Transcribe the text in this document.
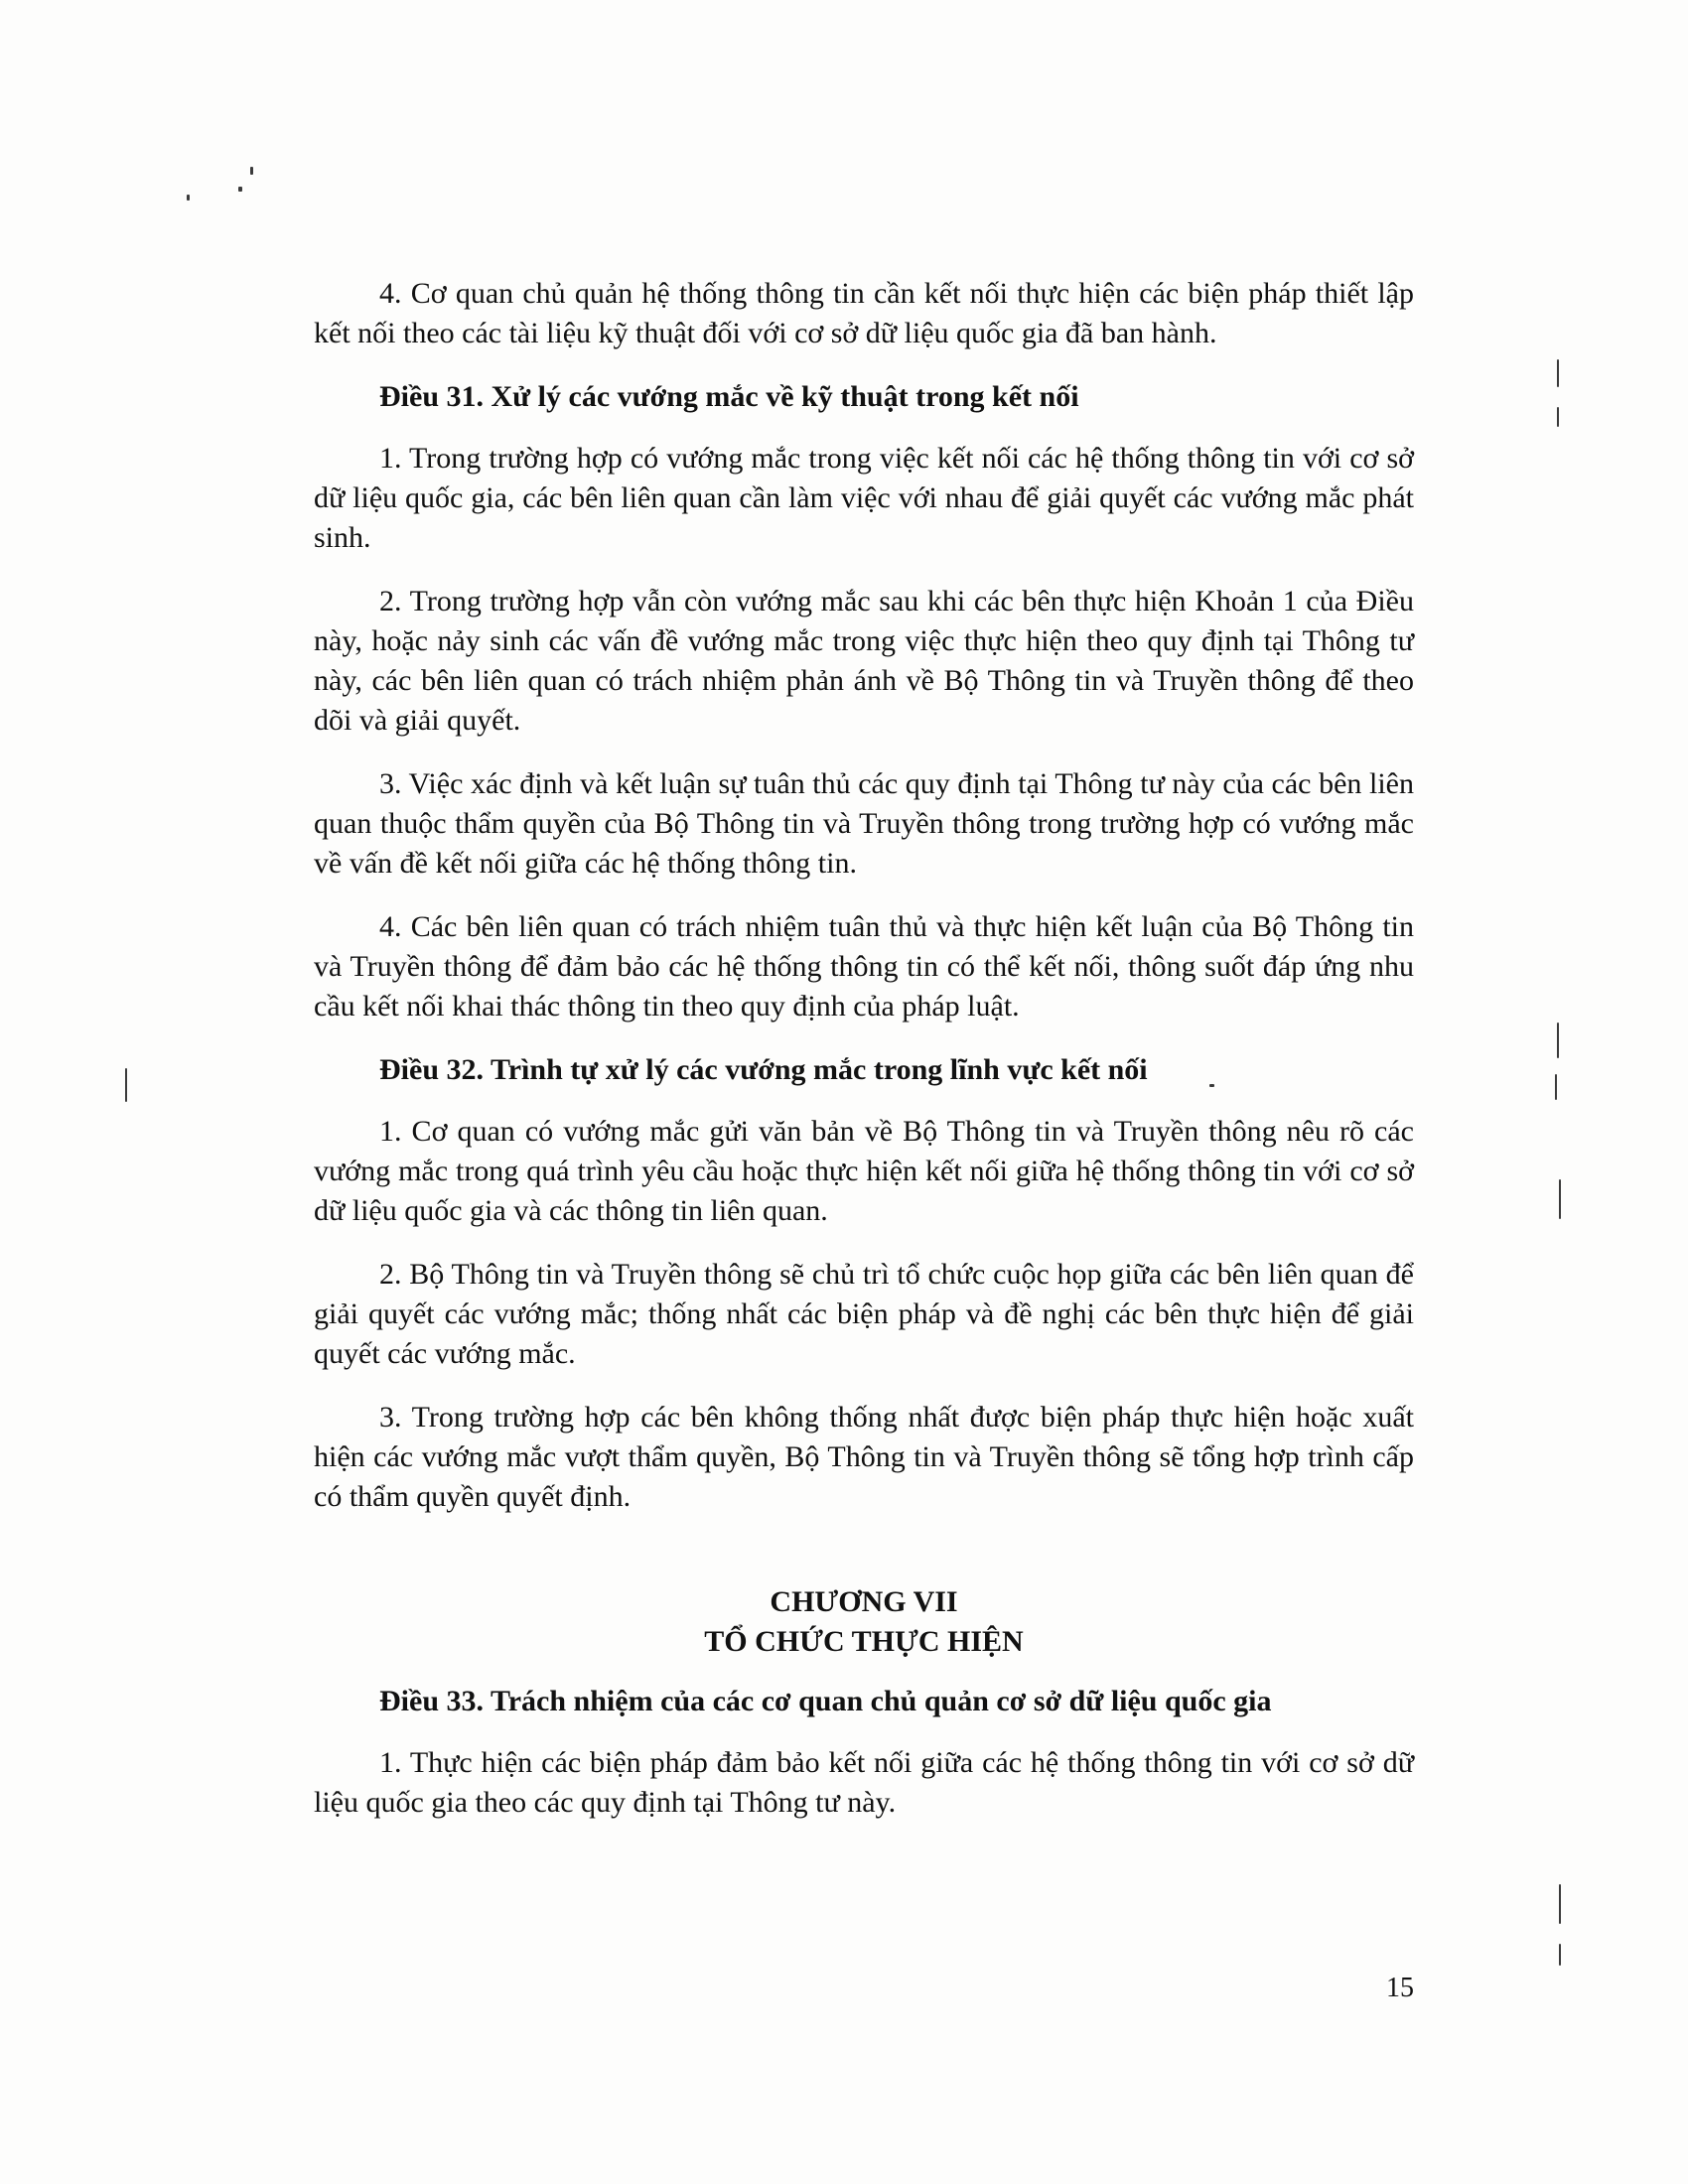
4. Cơ quan chủ quản hệ thống thông tin cần kết nối thực hiện các biện pháp thiết lập kết nối theo các tài liệu kỹ thuật đối với cơ sở dữ liệu quốc gia đã ban hành.

Điều 31. Xử lý các vướng mắc về kỹ thuật trong kết nối

1. Trong trường hợp có vướng mắc trong việc kết nối các hệ thống thông tin với cơ sở dữ liệu quốc gia, các bên liên quan cần làm việc với nhau để giải quyết các vướng mắc phát sinh.

2. Trong trường hợp vẫn còn vướng mắc sau khi các bên thực hiện Khoản 1 của Điều này, hoặc nảy sinh các vấn đề vướng mắc trong việc thực hiện theo quy định tại Thông tư này, các bên liên quan có trách nhiệm phản ánh về Bộ Thông tin và Truyền thông để theo dõi và giải quyết.

3. Việc xác định và kết luận sự tuân thủ các quy định tại Thông tư này của các bên liên quan thuộc thẩm quyền của Bộ Thông tin và Truyền thông trong trường hợp có vướng mắc về vấn đề kết nối giữa các hệ thống thông tin.

4. Các bên liên quan có trách nhiệm tuân thủ và thực hiện kết luận của Bộ Thông tin và Truyền thông để đảm bảo các hệ thống thông tin có thể kết nối, thông suốt đáp ứng nhu cầu kết nối khai thác thông tin theo quy định của pháp luật.

Điều 32. Trình tự xử lý các vướng mắc trong lĩnh vực kết nối

1. Cơ quan có vướng mắc gửi văn bản về Bộ Thông tin và Truyền thông nêu rõ các vướng mắc trong quá trình yêu cầu hoặc thực hiện kết nối giữa hệ thống thông tin với cơ sở dữ liệu quốc gia và các thông tin liên quan.

2. Bộ Thông tin và Truyền thông sẽ chủ trì tổ chức cuộc họp giữa các bên liên quan để giải quyết các vướng mắc; thống nhất các biện pháp và đề nghị các bên thực hiện để giải quyết các vướng mắc.

3. Trong trường hợp các bên không thống nhất được biện pháp thực hiện hoặc xuất hiện các vướng mắc vượt thẩm quyền, Bộ Thông tin và Truyền thông sẽ tổng hợp trình cấp có thẩm quyền quyết định.

CHƯƠNG VII
TỔ CHỨC THỰC HIỆN
Điều 33. Trách nhiệm của các cơ quan chủ quản cơ sở dữ liệu quốc gia

1. Thực hiện các biện pháp đảm bảo kết nối giữa các hệ thống thông tin với cơ sở dữ liệu quốc gia theo các quy định tại Thông tư này.

15
